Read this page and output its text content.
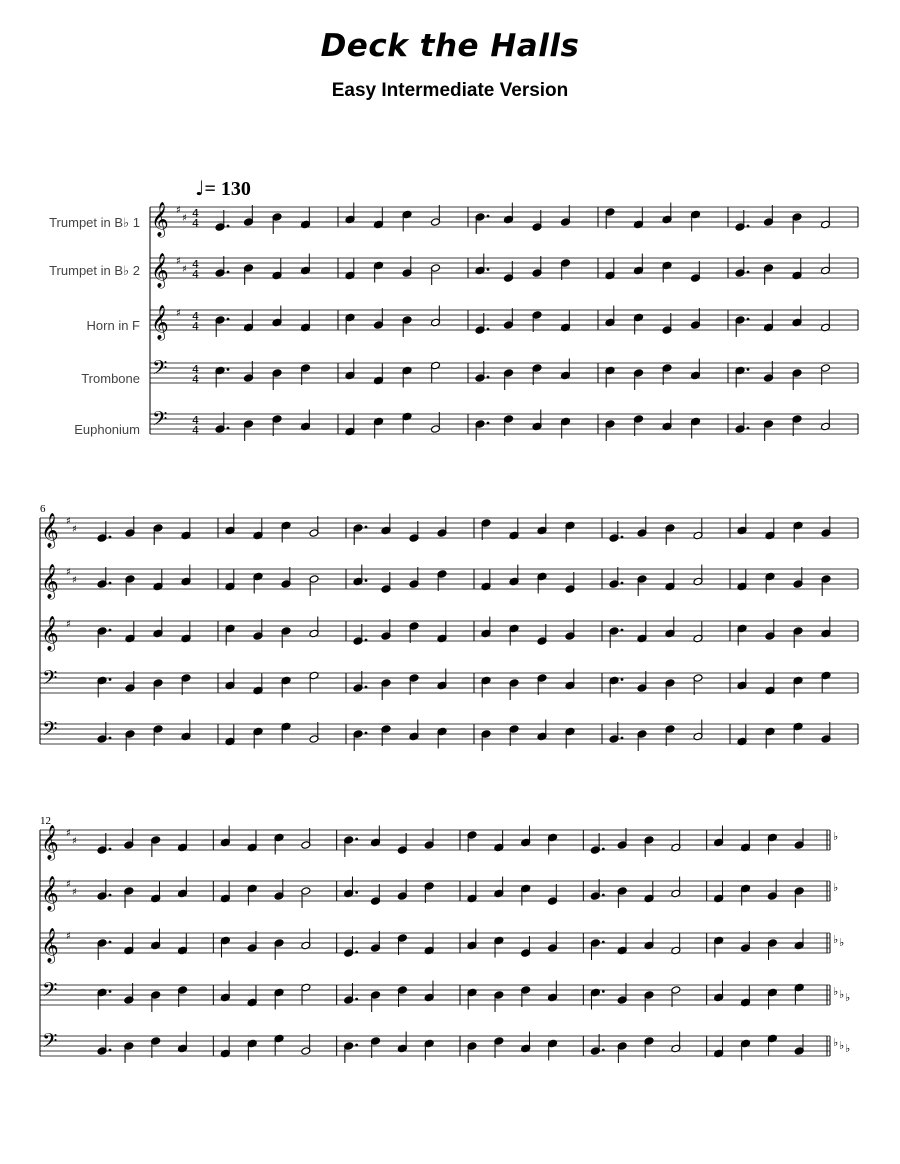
Deck the Halls
Easy Intermediate Version
♩= 130
Trumpet in B♭ 1
Trumpet in B♭ 2
Horn in F
Trombone
Euphonium
6
12
𝄞 ♯
♯ 4
4
𝄞 ♯
♯ 4
4
𝄞 ♯ 4
4
𝄢 4
4
𝄢 4
4
𝄞 ♯
♯
𝄞 ♯
♯
𝄞 ♯
𝄢
𝄢
𝄞 ♯
♯
𝄞 ♯
♯
𝄞 ♯
𝄢
𝄢
♭
♭
♭ ♭
♭ ♭ ♭
♭ ♭ ♭
